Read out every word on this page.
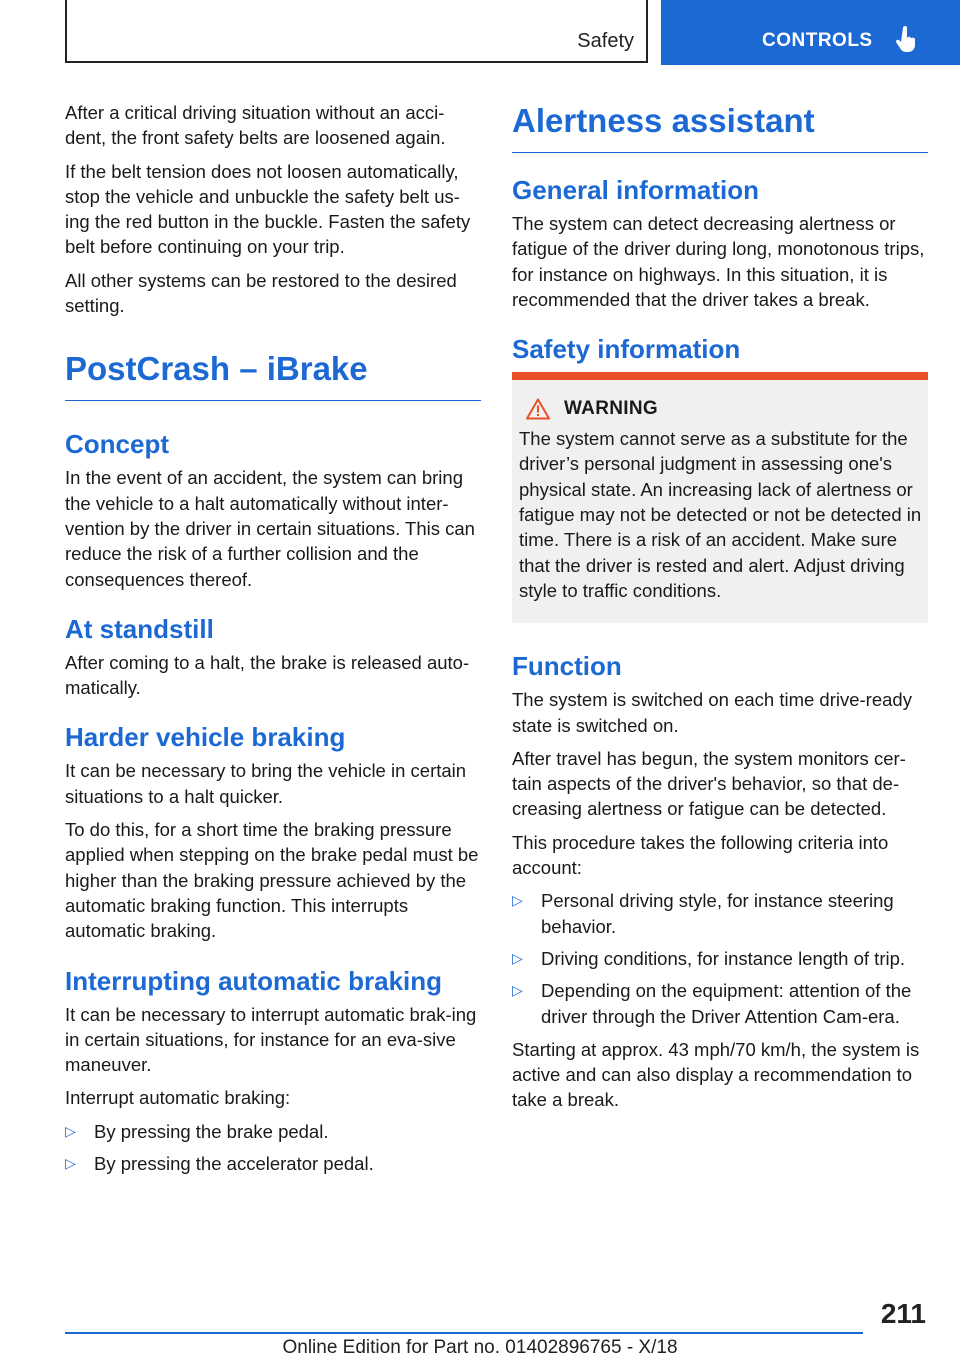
Safety	CONTROLS

After a critical driving situation without an acci-dent, the front safety belts are loosened again.

If the belt tension does not loosen automatically, stop the vehicle and unbuckle the safety belt us-ing the red button in the buckle. Fasten the safety belt before continuing on your trip.

All other systems can be restored to the desired setting.

PostCrash – iBrake
Concept

In the event of an accident, the system can bring the vehicle to a halt automatically without inter-vention by the driver in certain situations. This can reduce the risk of a further collision and the consequences thereof.

At standstill

After coming to a halt, the brake is released auto-matically.

Harder vehicle braking

It can be necessary to bring the vehicle in certain situations to a halt quicker.

To do this, for a short time the braking pressure applied when stepping on the brake pedal must be higher than the braking pressure achieved by the automatic braking function. This interrupts automatic braking.

Interrupting automatic braking

It can be necessary to interrupt automatic brak-ing in certain situations, for instance for an eva-sive maneuver.

Interrupt automatic braking:

▷ By pressing the brake pedal.
▷ By pressing the accelerator pedal.
Alertness assistant
General information

The system can detect decreasing alertness or fatigue of the driver during long, monotonous trips, for instance on highways. In this situation, it is recommended that the driver takes a break.

Safety information
WARNING

The system cannot serve as a substitute for the driver’s personal judgment in assessing one's physical state. An increasing lack of alertness or fatigue may not be detected or not be detected in time. There is a risk of an accident. Make sure that the driver is rested and alert. Adjust driving style to traffic conditions.

Function

The system is switched on each time drive-ready state is switched on.

After travel has begun, the system monitors cer-tain aspects of the driver's behavior, so that de-creasing alertness or fatigue can be detected.

This procedure takes the following criteria into account:

▷ Personal driving style, for instance steering behavior.
▷ Driving conditions, for instance length of trip.
▷ Depending on the equipment: attention of the driver through the Driver Attention Cam-era.

Starting at approx. 43 mph/70 km/h, the system is active and can also display a recommendation to take a break.

211
Online Edition for Part no. 01402896765 - X/18
